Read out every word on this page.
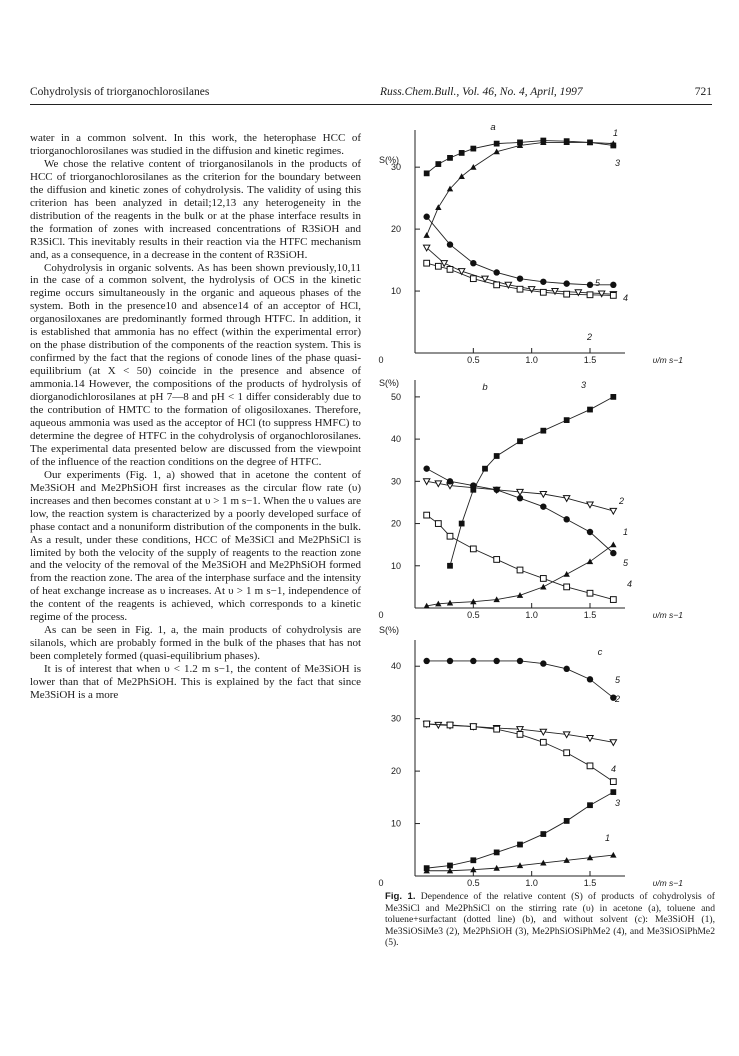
Cohydrolysis of triorganochlorosilanes	Russ.Chem.Bull., Vol. 46, No. 4, April, 1997	721

water in a common solvent. In this work, the heterophase HCC of triorganochlorosilanes was studied in the diffusion and kinetic regimes.

We chose the relative content of triorganosilanols in the products of HCC of triorganochlorosilanes as the criterion for the boundary between the diffusion and kinetic zones of cohydrolysis. The validity of using this criterion has been analyzed in detail;12,13 any heterogeneity in the distribution of the reagents in the bulk or at the phase interface results in the formation of zones with increased concentrations of R3SiOH and R3SiCl. This inevitably results in their reaction via the HTFC mechanism and, as a consequence, in a decrease in the content of R3SiOH.

Cohydrolysis in organic solvents. As has been shown previously,10,11 in the case of a common solvent, the hydrolysis of OCS in the kinetic regime occurs simultaneously in the organic and aqueous phases of the system. Both in the presence10 and absence14 of an acceptor of HCl, organosiloxanes are predominantly formed through HTFC. In addition, it is established that ammonia has no effect (within the experimental error) on the phase distribution of the components of the reaction system. This is confirmed by the fact that the regions of conode lines of the phase quasi-equilibrium (at X < 50) coincide in the presence and absence of ammonia.14 However, the compositions of the products of hydrolysis of diorganodichlorosilanes at pH 7—8 and pH < 1 differ considerably due to the contribution of HMTC to the formation of oligosiloxanes. Therefore, aqueous ammonia was used as the acceptor of HCl (to suppress HMFC) to determine the degree of HTFC in the cohydrolysis of organochlorosilanes. The experimental data presented below are discussed from the viewpoint of the influence of the reaction conditions on the degree of HTFC.

Our experiments (Fig. 1, a) showed that in acetone the content of Me3SiOH and Me2PhSiOH first increases as the circular flow rate (υ) increases and then becomes constant at υ > 1 m s−1. When the υ values are low, the reaction system is characterized by a poorly developed surface of phase contact and a nonuniform distribution of the components in the bulk. As a result, under these conditions, HCC of Me3SiCl and Me2PhSiCl is limited by both the velocity of the supply of reagents to the reaction zone and the velocity of the removal of the Me3SiOH and Me2PhSiOH formed from the reaction zone. The area of the interphase surface and the intensity of heat exchange increase as υ increases. At υ > 1 m s−1, independence of the content of the reagents is achieved, which corresponds to a kinetic regime of the process.

As can be seen in Fig. 1, a, the main products of cohydrolysis are silanols, which are probably formed in the bulk of the phases that has not been completely formed (quasi-equilibrium phases).

It is of interest that when υ < 1.2 m s−1, the content of Me3SiOH is lower than that of Me2PhSiOH. This is explained by the fact that since Me3SiOH is a more

10
20
30
0.5	1.0	1.5	υ/m s−1
0
S(%)
a	1
2
3
4
5
10
20
30
40
50
0.5	1.0	1.5	υ/m s−1
0
S(%)	b
1
2
3
4
5
10
20
30
40
0.5	1.0	1.5	υ/m s−1
0
S(%)
c
1
2
3
4
5
Fig. 1. Dependence of the relative content (S) of products of cohydrolysis of Me3SiCl and Me2PhSiCl on the stirring rate (υ) in acetone (a), toluene and toluene+surfactant (dotted line) (b), and without solvent (c): Me3SiOH (1), Me3SiOSiMe3 (2), Me2PhSiOH (3), Me2PhSiOSiPhMe2 (4), and Me3SiOSiPhMe2 (5).
